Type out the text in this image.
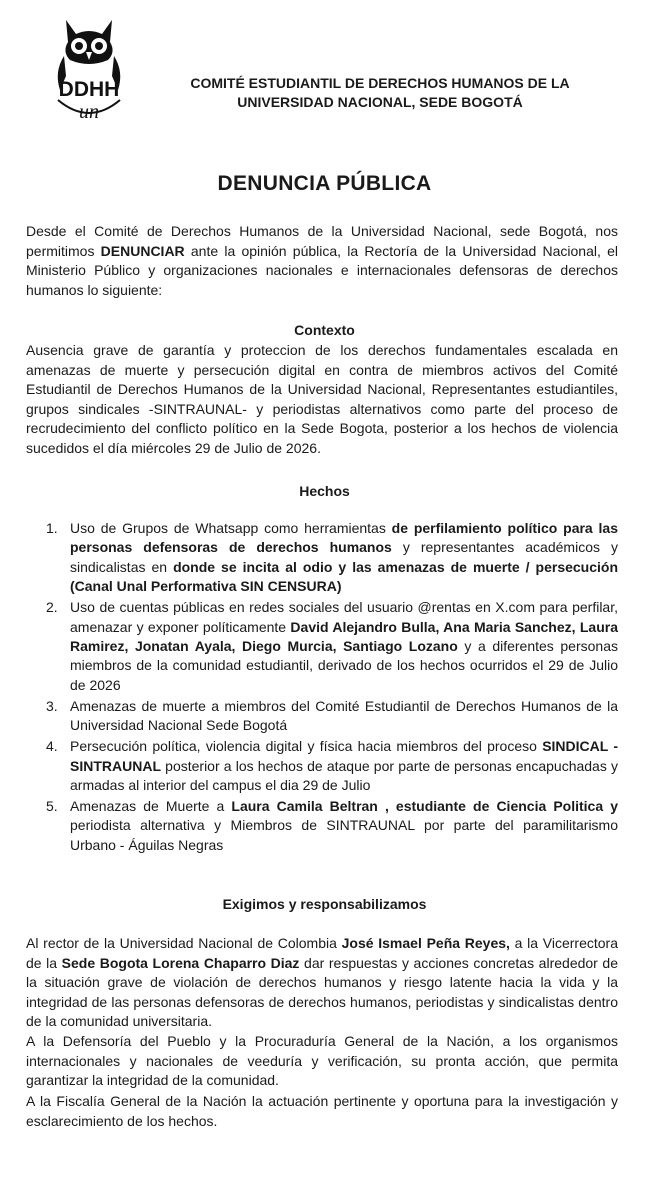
DDHH
un
COMITÉ ESTUDIANTIL DE DERECHOS HUMANOS DE LA
UNIVERSIDAD NACIONAL, SEDE BOGOTÁ
DENUNCIA PÚBLICA
Desde el Comité de Derechos Humanos de la Universidad Nacional, sede Bogotá, nos permitimos DENUNCIAR ante la opinión pública, la Rectoría de la Universidad Nacional, el Ministerio Público y organizaciones nacionales e internacionales defensoras de derechos humanos lo siguiente:
Contexto
Ausencia grave de garantía y proteccion de los derechos fundamentales escalada en amenazas de muerte y persecución digital en contra de miembros activos del Comité Estudiantil de Derechos Humanos de la Universidad Nacional, Representantes estudiantiles, grupos sindicales -SINTRAUNAL- y periodistas alternativos como parte del proceso de recrudecimiento del conflicto político en la Sede Bogota, posterior a los hechos de violencia sucedidos el día miércoles 29 de Julio de 2026.
Hechos
1. Uso de Grupos de Whatsapp como herramientas de perfilamiento político para las personas defensoras de derechos humanos y representantes académicos y sindicalistas en donde se incita al odio y las amenazas de muerte / persecución (Canal Unal Performativa SIN CENSURA)
2. Uso de cuentas públicas en redes sociales del usuario @rentas en X.com para perfilar, amenazar y exponer políticamente David Alejandro Bulla, Ana Maria Sanchez, Laura Ramirez, Jonatan Ayala, Diego Murcia, Santiago Lozano y a diferentes personas miembros de la comunidad estudiantil, derivado de los hechos ocurridos el 29 de Julio de 2026
3. Amenazas de muerte a miembros del Comité Estudiantil de Derechos Humanos de la Universidad Nacional Sede Bogotá
4. Persecución política, violencia digital y física hacia miembros del proceso SINDICAL -SINTRAUNAL posterior a los hechos de ataque por parte de personas encapuchadas y armadas al interior del campus el dia 29 de Julio
5. Amenazas de Muerte a Laura Camila Beltran , estudiante de Ciencia Politica y periodista alternativa y Miembros de SINTRAUNAL por parte del paramilitarismo Urbano - Águilas Negras
Exigimos y responsabilizamos
Al rector de la Universidad Nacional de Colombia José Ismael Peña Reyes, a la Vicerrectora de la Sede Bogota Lorena Chaparro Diaz dar respuestas y acciones concretas alrededor de la situación grave de violación de derechos humanos y riesgo latente hacia la vida y la integridad de las personas defensoras de derechos humanos, periodistas y sindicalistas dentro de la comunidad universitaria.
A la Defensoría del Pueblo y la Procuraduría General de la Nación, a los organismos internacionales y nacionales de veeduría y verificación, su pronta acción, que permita garantizar la integridad de la comunidad.
A la Fiscalía General de la Nación la actuación pertinente y oportuna para la investigación y esclarecimiento de los hechos.
